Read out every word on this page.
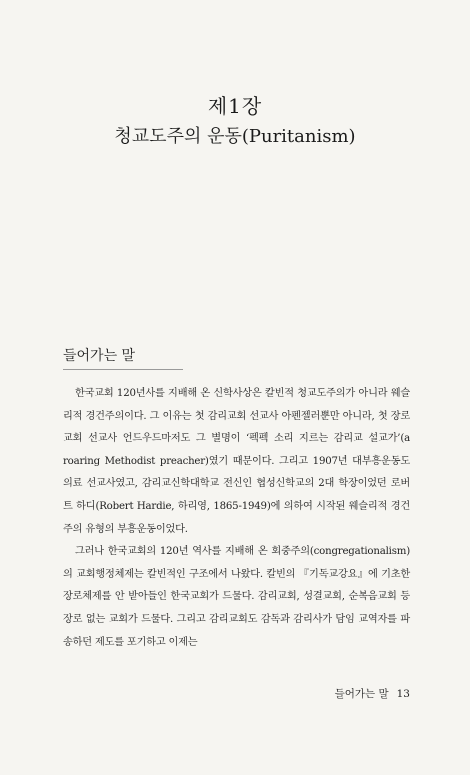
제1장
청교도주의 운동(Puritanism)
들어가는 말

한국교회 120년사를 지배해 온 신학사상은 칼빈적 청교도주의가 아니라 웨슬리적 경건주의이다. 그 이유는 첫 감리교회 선교사 아펜젤러뿐만 아니라, 첫 장로교회 선교사 언드우드마저도 그 별명이 ‘펙펙 소리 지르는 감리교 설교가’(a roaring Methodist preacher)였기 때문이다. 그리고 1907년 대부흥운동도 의료 선교사였고, 감리교신학대학교 전신인 협성신학교의 2대 학장이었던 로버트 하디(Robert Hardie, 하리영, 1865-1949)에 의하여 시작된 웨슬리적 경건주의 유형의 부흥운동이었다.

그러나 한국교회의 120년 역사를 지배해 온 회중주의(congregationalism)의 교회행정체제는 칼빈적인 구조에서 나왔다. 칼빈의 『기독교강요』에 기초한 장로체제를 안 받아들인 한국교회가 드물다. 감리교회, 성결교회, 순복음교회 등 장로 없는 교회가 드물다. 그리고 감리교회도 감독과 감리사가 담임 교역자를 파송하던 제도를 포기하고 이제는

들어가는 말 13
